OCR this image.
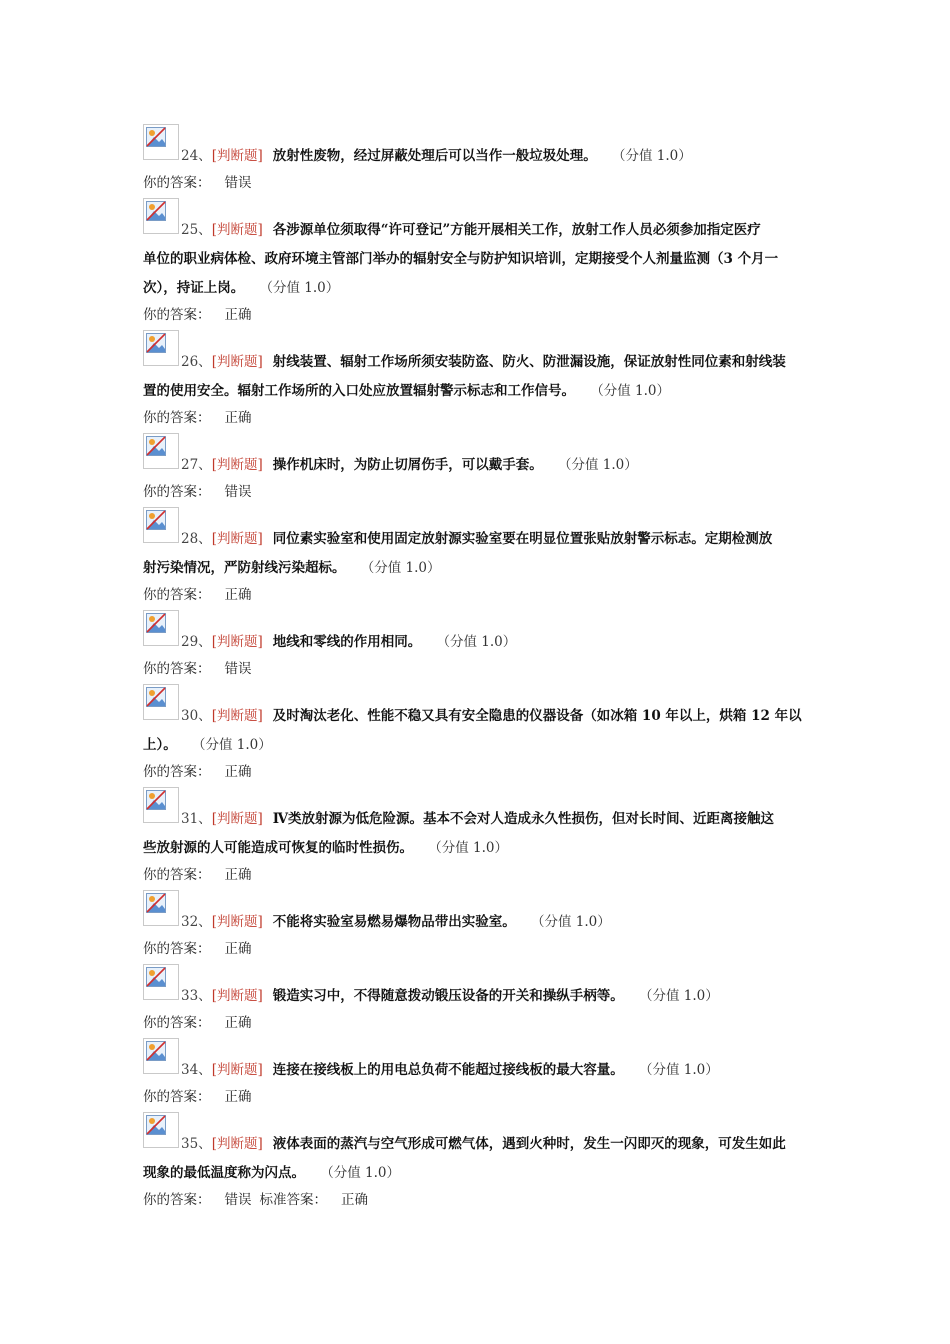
24、[判断题] 放射性废物，经过屏蔽处理后可以当作一般垃圾处理。 （分值 1.0）
你的答案： 错误
25、[判断题] 各涉源单位须取得“许可登记”方能开展相关工作，放射工作人员必须参加指定医疗
单位的职业病体检、政府环境主管部门举办的辐射安全与防护知识培训，定期接受个人剂量监测（3 个月一
次），持证上岗。 （分值 1.0）
你的答案： 正确
26、[判断题] 射线装置、辐射工作场所须安装防盗、防火、防泄漏设施，保证放射性同位素和射线装
置的使用安全。辐射工作场所的入口处应放置辐射警示标志和工作信号。 （分值 1.0）
你的答案： 正确
27、[判断题] 操作机床时，为防止切屑伤手，可以戴手套。 （分值 1.0）
你的答案： 错误
28、[判断题] 同位素实验室和使用固定放射源实验室要在明显位置张贴放射警示标志。定期检测放
射污染情况，严防射线污染超标。 （分值 1.0）
你的答案： 正确
29、[判断题] 地线和零线的作用相同。 （分值 1.0）
你的答案： 错误
30、[判断题] 及时淘汰老化、性能不稳又具有安全隐患的仪器设备（如冰箱 10 年以上，烘箱 12 年以
上）。 （分值 1.0）
你的答案： 正确
31、[判断题] Ⅳ类放射源为低危险源。基本不会对人造成永久性损伤，但对长时间、近距离接触这
些放射源的人可能造成可恢复的临时性损伤。 （分值 1.0）
你的答案： 正确
32、[判断题] 不能将实验室易燃易爆物品带出实验室。 （分值 1.0）
你的答案： 正确
33、[判断题] 锻造实习中，不得随意拨动锻压设备的开关和操纵手柄等。 （分值 1.0）
你的答案： 正确
34、[判断题] 连接在接线板上的用电总负荷不能超过接线板的最大容量。 （分值 1.0）
你的答案： 正确
35、[判断题] 液体表面的蒸汽与空气形成可燃气体，遇到火种时，发生一闪即灭的现象，可发生如此
现象的最低温度称为闪点。 （分值 1.0）
你的答案： 错误 标准答案： 正确
